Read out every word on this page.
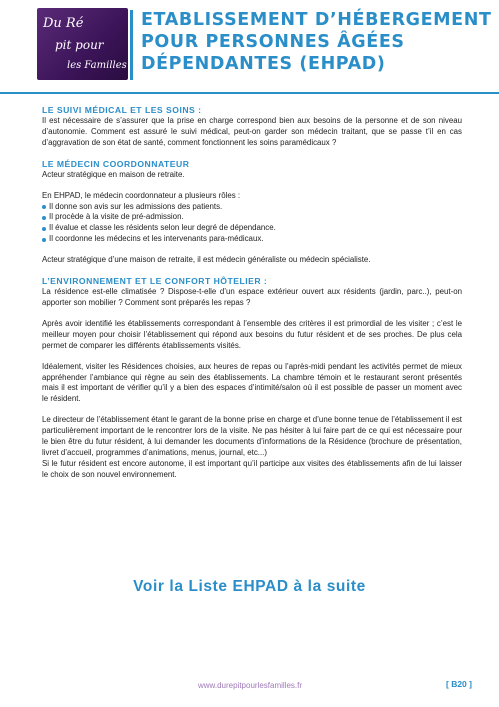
Du Ré
pit pour
les Familles
ETABLISSEMENT D’HÉBERGEMENT
POUR PERSONNES ÂGÉES
DÉPENDANTES (EHPAD)
LE SUIVI MÉDICAL ET LES SOINS :

Il est nécessaire de s’assurer que la prise en charge correspond bien aux besoins de la personne et de son niveau d’autonomie. Comment est assuré le suivi médical, peut-on garder son médecin traitant, que se passe t’il en cas d’aggravation de son état de santé, comment fonctionnent les soins paramédicaux ?

LE MÉDECIN COORDONNATEUR

Acteur stratégique en maison de retraite.

En EHPAD, le médecin coordonnateur a plusieurs rôles :

Il donne son avis sur les admissions des patients.
Il procède à la visite de pré-admission.
Il évalue et classe les résidents selon leur degré de dépendance.
Il coordonne les médecins et les intervenants para-médicaux.

Acteur stratégique d’une maison de retraite, il est médecin généraliste ou médecin spécialiste.

L’ENVIRONNEMENT ET LE CONFORT HÔTELIER :

La résidence est-elle climatisée ? Dispose-t-elle d’un espace extérieur ouvert aux résidents (jardin, parc..), peut-on apporter son mobilier ? Comment sont préparés les repas ?

Après avoir identifié les établissements correspondant à l’ensemble des critères il est primordial de les visiter ; c’est le meilleur moyen pour choisir l’établissement qui répond aux besoins du futur résident et de ses proches. De plus cela permet de comparer les différents établissements visités.

Idéalement, visiter les Résidences choisies, aux heures de repas ou l’après-midi pendant les activités permet de mieux appréhender l’ambiance qui règne au sein des établissements. La chambre témoin et le restaurant seront présentés mais il est important de vérifier qu’il y a bien des espaces d’intimité/salon où il est possible de passer un moment avec le résident.

Le directeur de l’établissement étant le garant de la bonne prise en charge et d’une bonne tenue de l’établissement il est particulièrement important de le rencontrer lors de la visite. Ne pas hésiter à lui faire part de ce qui est nécessaire pour le bien être du futur résident, à lui demander les documents d’informations de la Résidence (brochure de présentation, livret d’accueil, programmes d’animations, menus, journal, etc...)

Si le futur résident est encore autonome, il est important qu’il participe aux visites des établissements afin de lui laisser le choix de son nouvel environnement.

Voir la Liste EHPAD à la suite
www.durepitpourlesfamilles.fr	[ B20 ]
